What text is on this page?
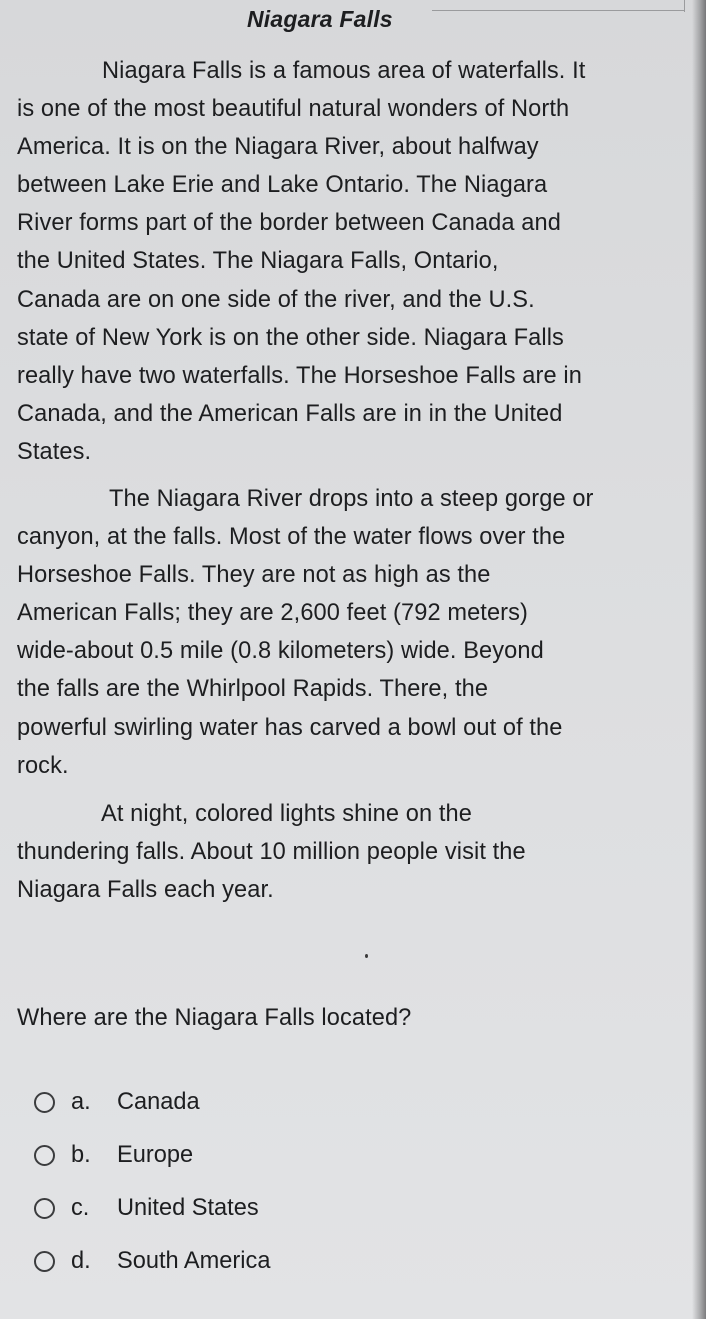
Niagara Falls
Niagara Falls is a famous area of waterfalls. It
is one of the most beautiful natural wonders of North
America. It is on the Niagara River, about halfway
between Lake Erie and Lake Ontario. The Niagara
River forms part of the border between Canada and
the United States. The Niagara Falls, Ontario,
Canada are on one side of the river, and the U.S.
state of New York is on the other side. Niagara Falls
really have two waterfalls. The Horseshoe Falls are in
Canada, and the American Falls are in in the United
States.
The Niagara River drops into a steep gorge or
canyon, at the falls. Most of the water flows over the
Horseshoe Falls. They are not as high as the
American Falls; they are 2,600 feet (792 meters)
wide-about 0.5 mile (0.8 kilometers) wide. Beyond
the falls are the Whirlpool Rapids. There, the
powerful swirling water has carved a bowl out of the
rock.
At night, colored lights shine on the
thundering falls. About 10 million people visit the
Niagara Falls each year.
Where are the Niagara Falls located?
a.	Canada
b.	Europe
c.	United States
d.	South America
